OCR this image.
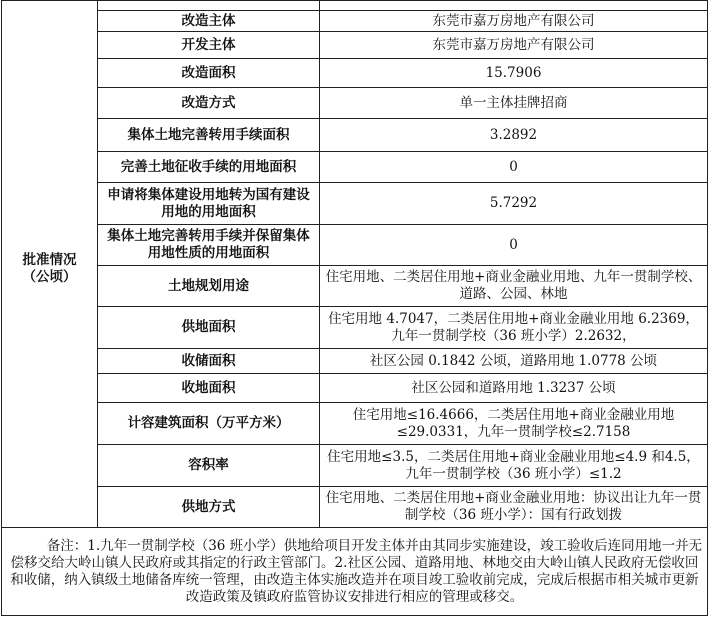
批准情况
（公顷）	改造主体	东莞市嘉万房地产有限公司
	开发主体	东莞市嘉万房地产有限公司
	改造面积	15.7906
	改造方式	单一主体挂牌招商
	集体土地完善转用手续面积	3.2892
	完善土地征收手续的用地面积	0
	申请将集体建设用地转为国有建设用地的用地面积	5.7292
	集体土地完善转用手续并保留集体用地性质的用地面积	0
	土地规划用途	住宅用地、二类居住用地+商业金融业用地、九年一贯制学校、道路、公园、林地
	供地面积	住宅用地 4.7047，二类居住用地+商业金融业用地 6.2369，九年一贯制学校（36 班小学）2.2632，
	收储面积	社区公园 0.1842 公顷，道路用地 1.0778 公顷
	收地面积	社区公园和道路用地 1.3237 公顷
	计容建筑面积（万平方米）	住宅用地≤16.4666，二类居住用地+商业金融业用地≤29.0331，九年一贯制学校≤2.7158
	容积率	住宅用地≤3.5，二类居住用地+商业金融业用地≤4.9 和4.5，九年一贯制学校（36 班小学）≤1.2
	供地方式	住宅用地、二类居住用地+商业金融业用地：协议出让九年一贯制学校（36 班小学）：国有行政划拨
备注：1.九年一贯制学校（36 班小学）供地给项目开发主体并由其同步实施建设，竣工验收后连同用地一并无偿移交给大岭山镇人民政府或其指定的行政主管部门。2.社区公园、道路用地、林地交由大岭山镇人民政府无偿收回和收储，纳入镇级土地储备库统一管理，由改造主体实施改造并在项目竣工验收前完成，完成后根据市相关城市更新改造政策及镇政府监管协议安排进行相应的管理或移交。		
